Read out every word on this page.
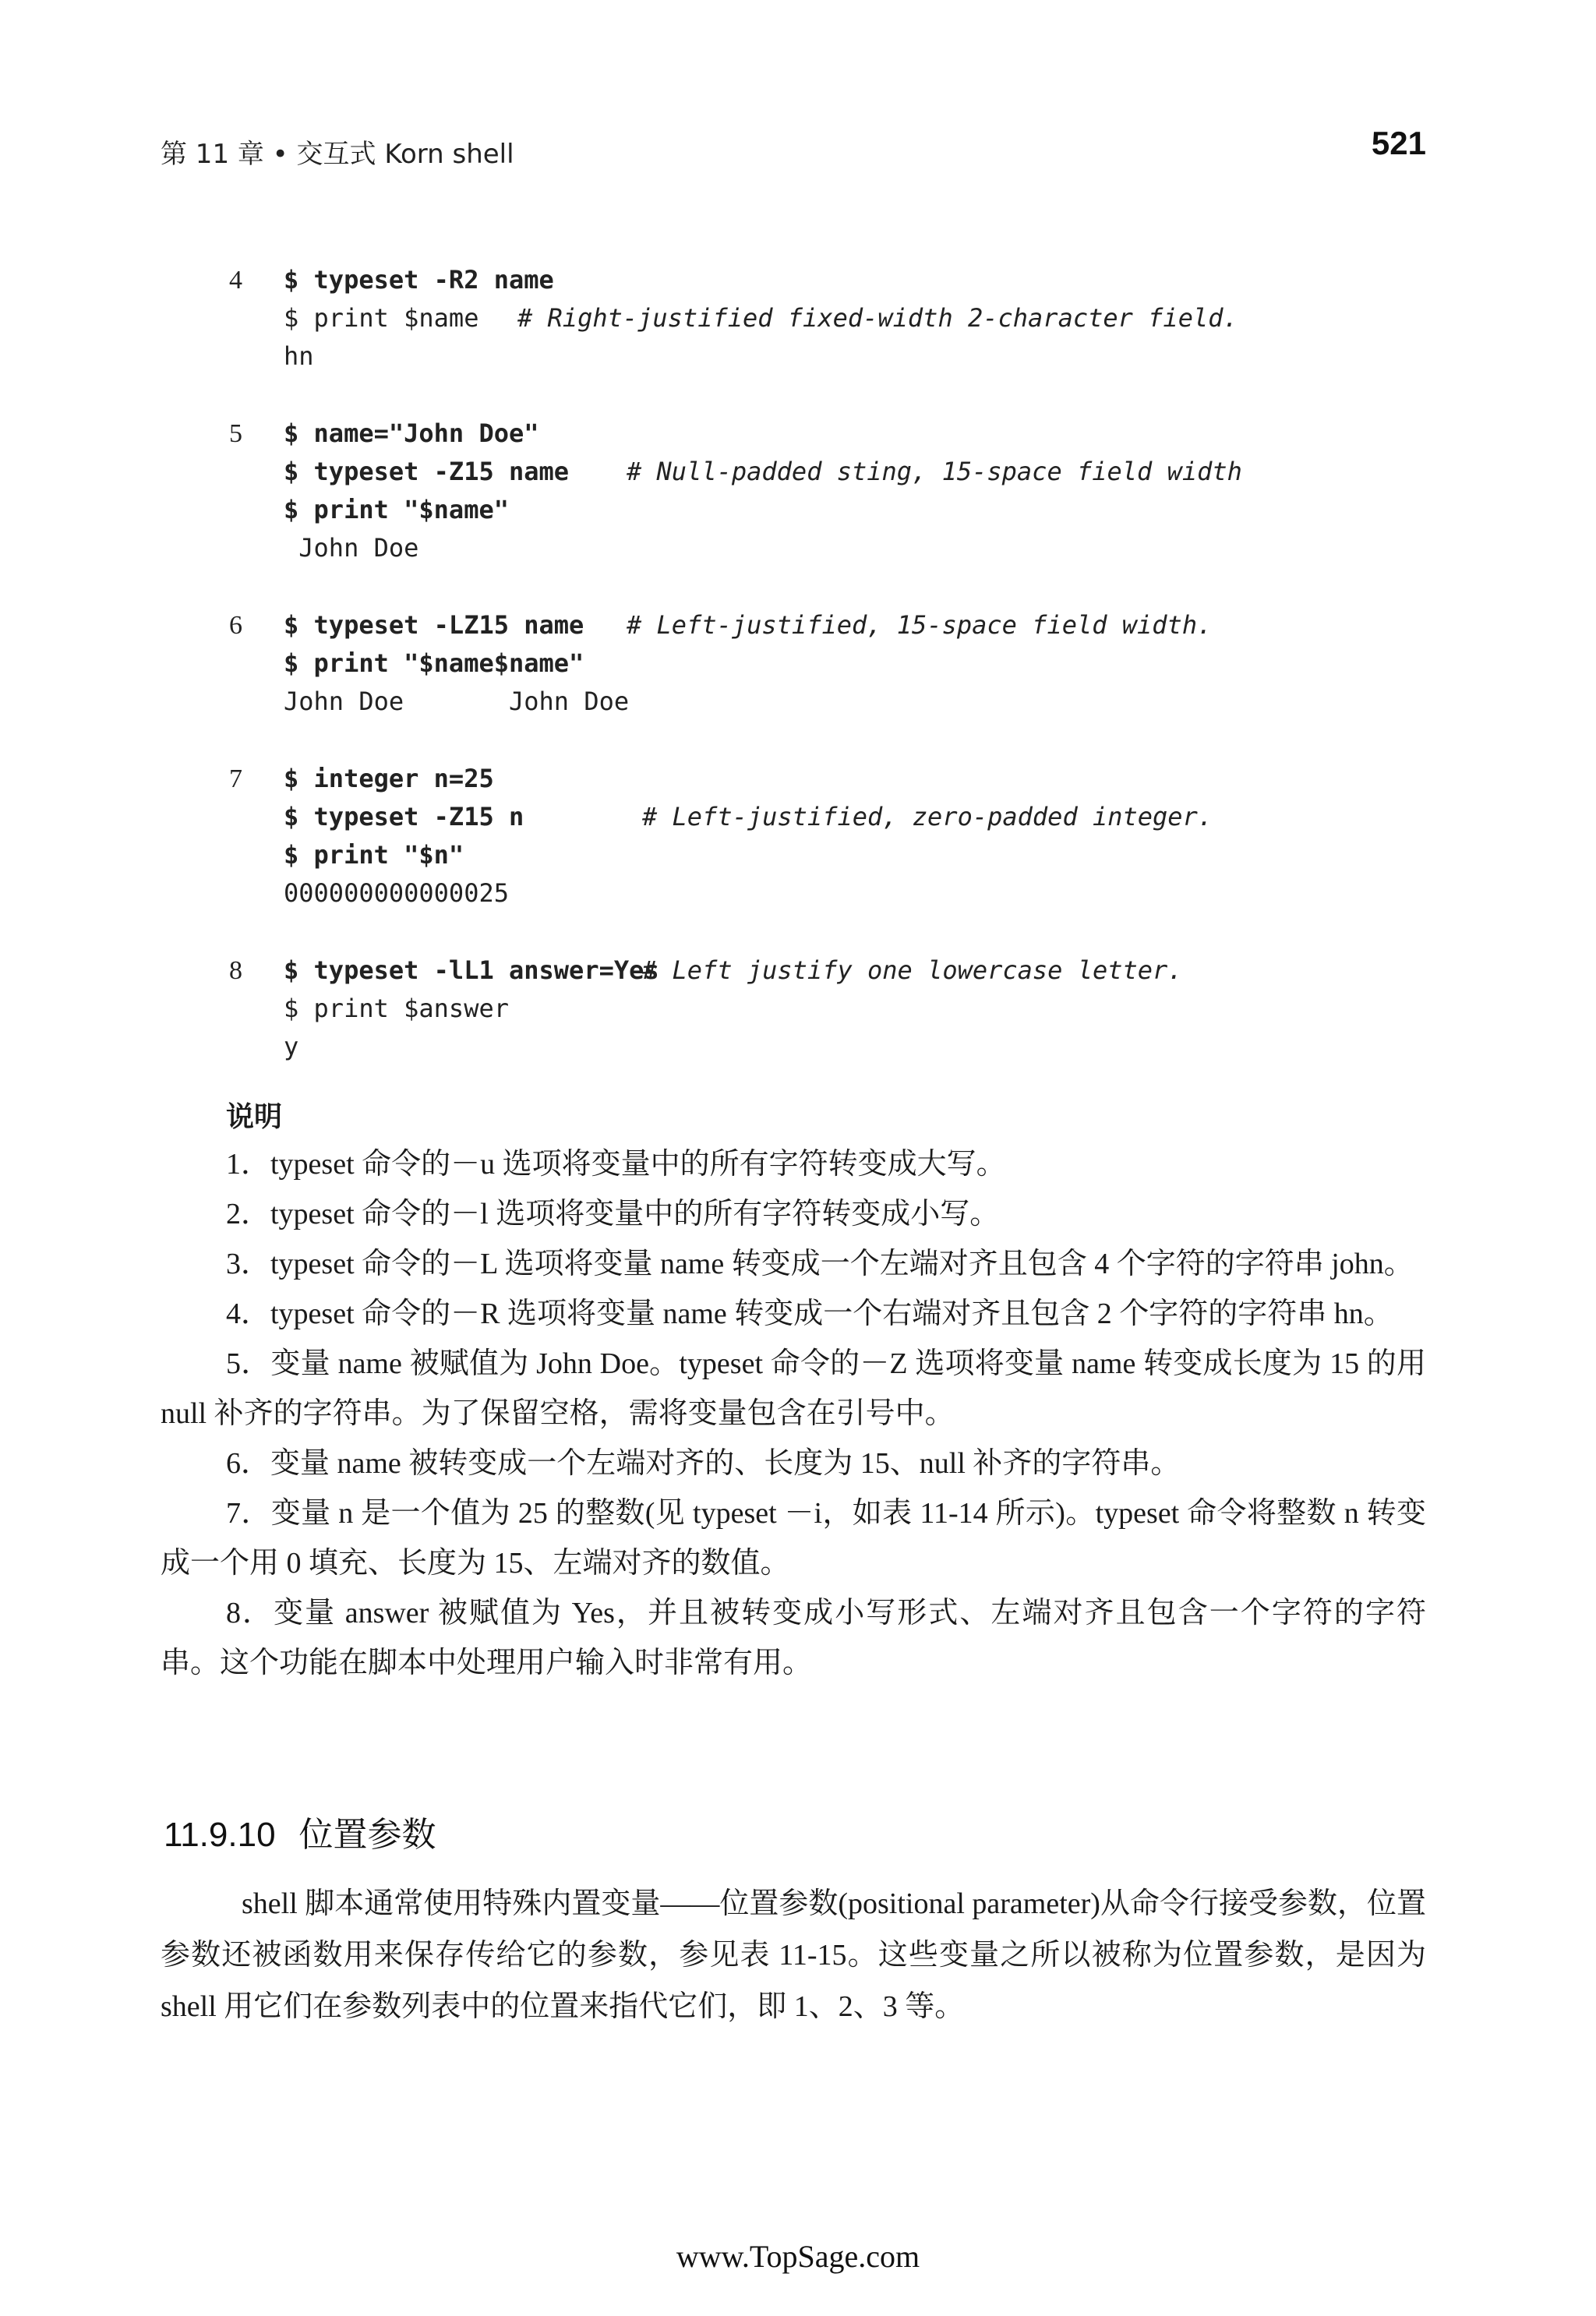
第 11 章 • 交互式 Korn shell	521
4 $ typeset -R2 name
$ print $name # Right-justified fixed-width 2-character field.
hn
5 $ name="John Doe"
$ typeset -Z15 name # Null-padded sting, 15-space field width
$ print "$name"
John Doe
6 $ typeset -LZ15 name # Left-justified, 15-space field width.
$ print "$name$name"
John Doe       John Doe
7 $ integer n=25
$ typeset -Z15 n	# Left-justified, zero-padded integer.
$ print "$n"
000000000000025
8 $ typeset -lL1 answer=Yes
# Left justify one lowercase letter.
$ print $answer
y
说明

1．typeset 命令的－u 选项将变量中的所有字符转变成大写。

2．typeset 命令的－l 选项将变量中的所有字符转变成小写。

3．typeset 命令的－L 选项将变量 name 转变成一个左端对齐且包含 4 个字符的字符串 john。

4．typeset 命令的－R 选项将变量 name 转变成一个右端对齐且包含 2 个字符的字符串 hn。

5．变量 name 被赋值为 John Doe。typeset 命令的－Z 选项将变量 name 转变成长度为 15 的用 null 补齐的字符串。为了保留空格，需将变量包含在引号中。

6．变量 name 被转变成一个左端对齐的、长度为 15、null 补齐的字符串。

7．变量 n 是一个值为 25 的整数(见 typeset －i，如表 11-14 所示)。typeset 命令将整数 n 转变成一个用 0 填充、长度为 15、左端对齐的数值。

8．变量 answer 被赋值为 Yes，并且被转变成小写形式、左端对齐且包含一个字符的字符串。这个功能在脚本中处理用户输入时非常有用。

11.9.10 位置参数

shell 脚本通常使用特殊内置变量——位置参数(positional parameter)从命令行接受参数，位置参数还被函数用来保存传给它的参数，参见表 11-15。这些变量之所以被称为位置参数，是因为 shell 用它们在参数列表中的位置来指代它们，即 1、2、3 等。

www.TopSage.com
